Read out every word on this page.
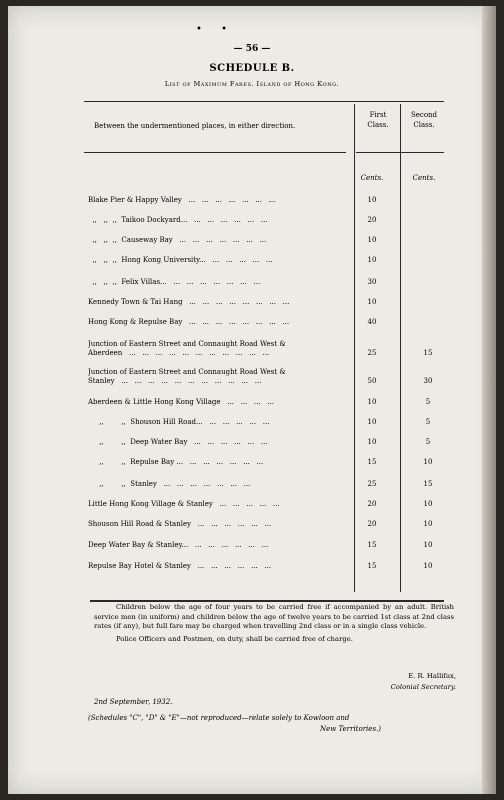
• •
— 56 —
SCHEDULE B.
List of Maximum Fares. Island of Hong Kong.
Between the undermentioned places, in either direction.
First
Class.
Second
Class.
Cents.	Cents.
Blake Pier & Happy Valley   ...   ...   ...   ...   ...   ...   ...	10
,,   ,,  ,,  Taikoo Dockyard...   ...   ...   ...   ...   ...   ...	20
,,   ,,  ,,  Causeway Bay   ...   ...   ...   ...   ...   ...   ...	10
,,   ,,  ,,  Hong Kong University...   ...   ...   ...   ...   ...	10
,,   ,,  ,,  Felix Villas...   ...   ...   ...   ...   ...   ...   ...	30
Kennedy Town & Tai Hang   ...   ...   ...   ...   ...   ...   ...   ...	10
Hong Kong & Repulse Bay   ...   ...   ...   ...   ...   ...   ...   ...	40
Junction of Eastern Street and Connaught Road West &
Aberdeen   ...   ...   ...   ...   ...   ...   ...   ...   ...   ...   ...	25	15
Junction of Eastern Street and Connaught Road West &
Stanley   ...   ...   ...   ...   ...   ...   ...   ...   ...   ...   ...	50	30
Aberdeen & Little Hong Kong Village   ...   ...   ...   ...	10	5
,,        ,,  Shouson Hill Road...   ...   ...   ...   ...   ...	10	5
,,        ,,  Deep Water Bay   ...   ...   ...   ...   ...   ...	10	5
,,        ,,  Repulse Bay ...   ...   ...   ...   ...   ...   ...	15	10
,,        ,,  Stanley   ...   ...   ...   ...   ...   ...   ...	25	15
Little Hong Kong Village & Stanley   ...   ...   ...   ...   ...	20	10
Shouson Hill Road & Stanley   ...   ...   ...   ...   ...   ...	20	10
Deep Water Bay & Stanley...   ...   ...   ...   ...   ...   ...	15	10
Repulse Bay Hotel & Stanley   ...   ...   ...   ...   ...   ...	15	10

Children below the age of four years to be carried free if accompanied by an adult. British service men (in uniform) and children below the age of twelve years to be carried 1st class at 2nd class rates (if any), but full fare may be charged when travelling 2nd class or in a single class vehicle.

Police Officers and Postmen, on duty, shall be carried free of charge.

E. R. Hallifax,
Colonial Secretary.
2nd September, 1932.
(Schedules "C", "D" & "E"—not reproduced—relate solely to Kowloon and
New Territories.)
